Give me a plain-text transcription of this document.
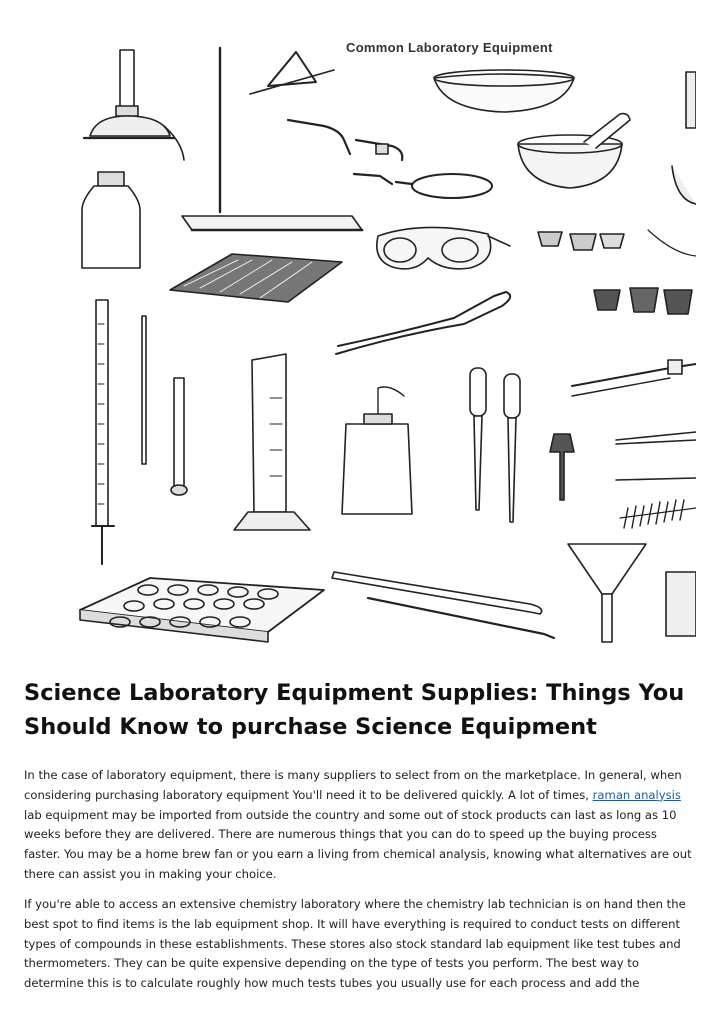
Common Laboratory Equipment
Science Laboratory Equipment Supplies: Things You Should Know to purchase Science Equipment

In the case of laboratory equipment, there is many suppliers to select from on the marketplace. In general, when considering purchasing laboratory equipment You'll need it to be delivered quickly. A lot of times, raman analysis lab equipment may be imported from outside the country and some out of stock products can last as long as 10 weeks before they are delivered. There are numerous things that you can do to speed up the buying process faster. You may be a home brew fan or you earn a living from chemical analysis, knowing what alternatives are out there can assist you in making your choice.

If you're able to access an extensive chemistry laboratory where the chemistry lab technician is on hand then the best spot to find items is the lab equipment shop. It will have everything is required to conduct tests on different types of compounds in these establishments. These stores also stock standard lab equipment like test tubes and thermometers. They can be quite expensive depending on the type of tests you perform. The best way to determine this is to calculate roughly how much tests tubes you usually use for each process and add the
